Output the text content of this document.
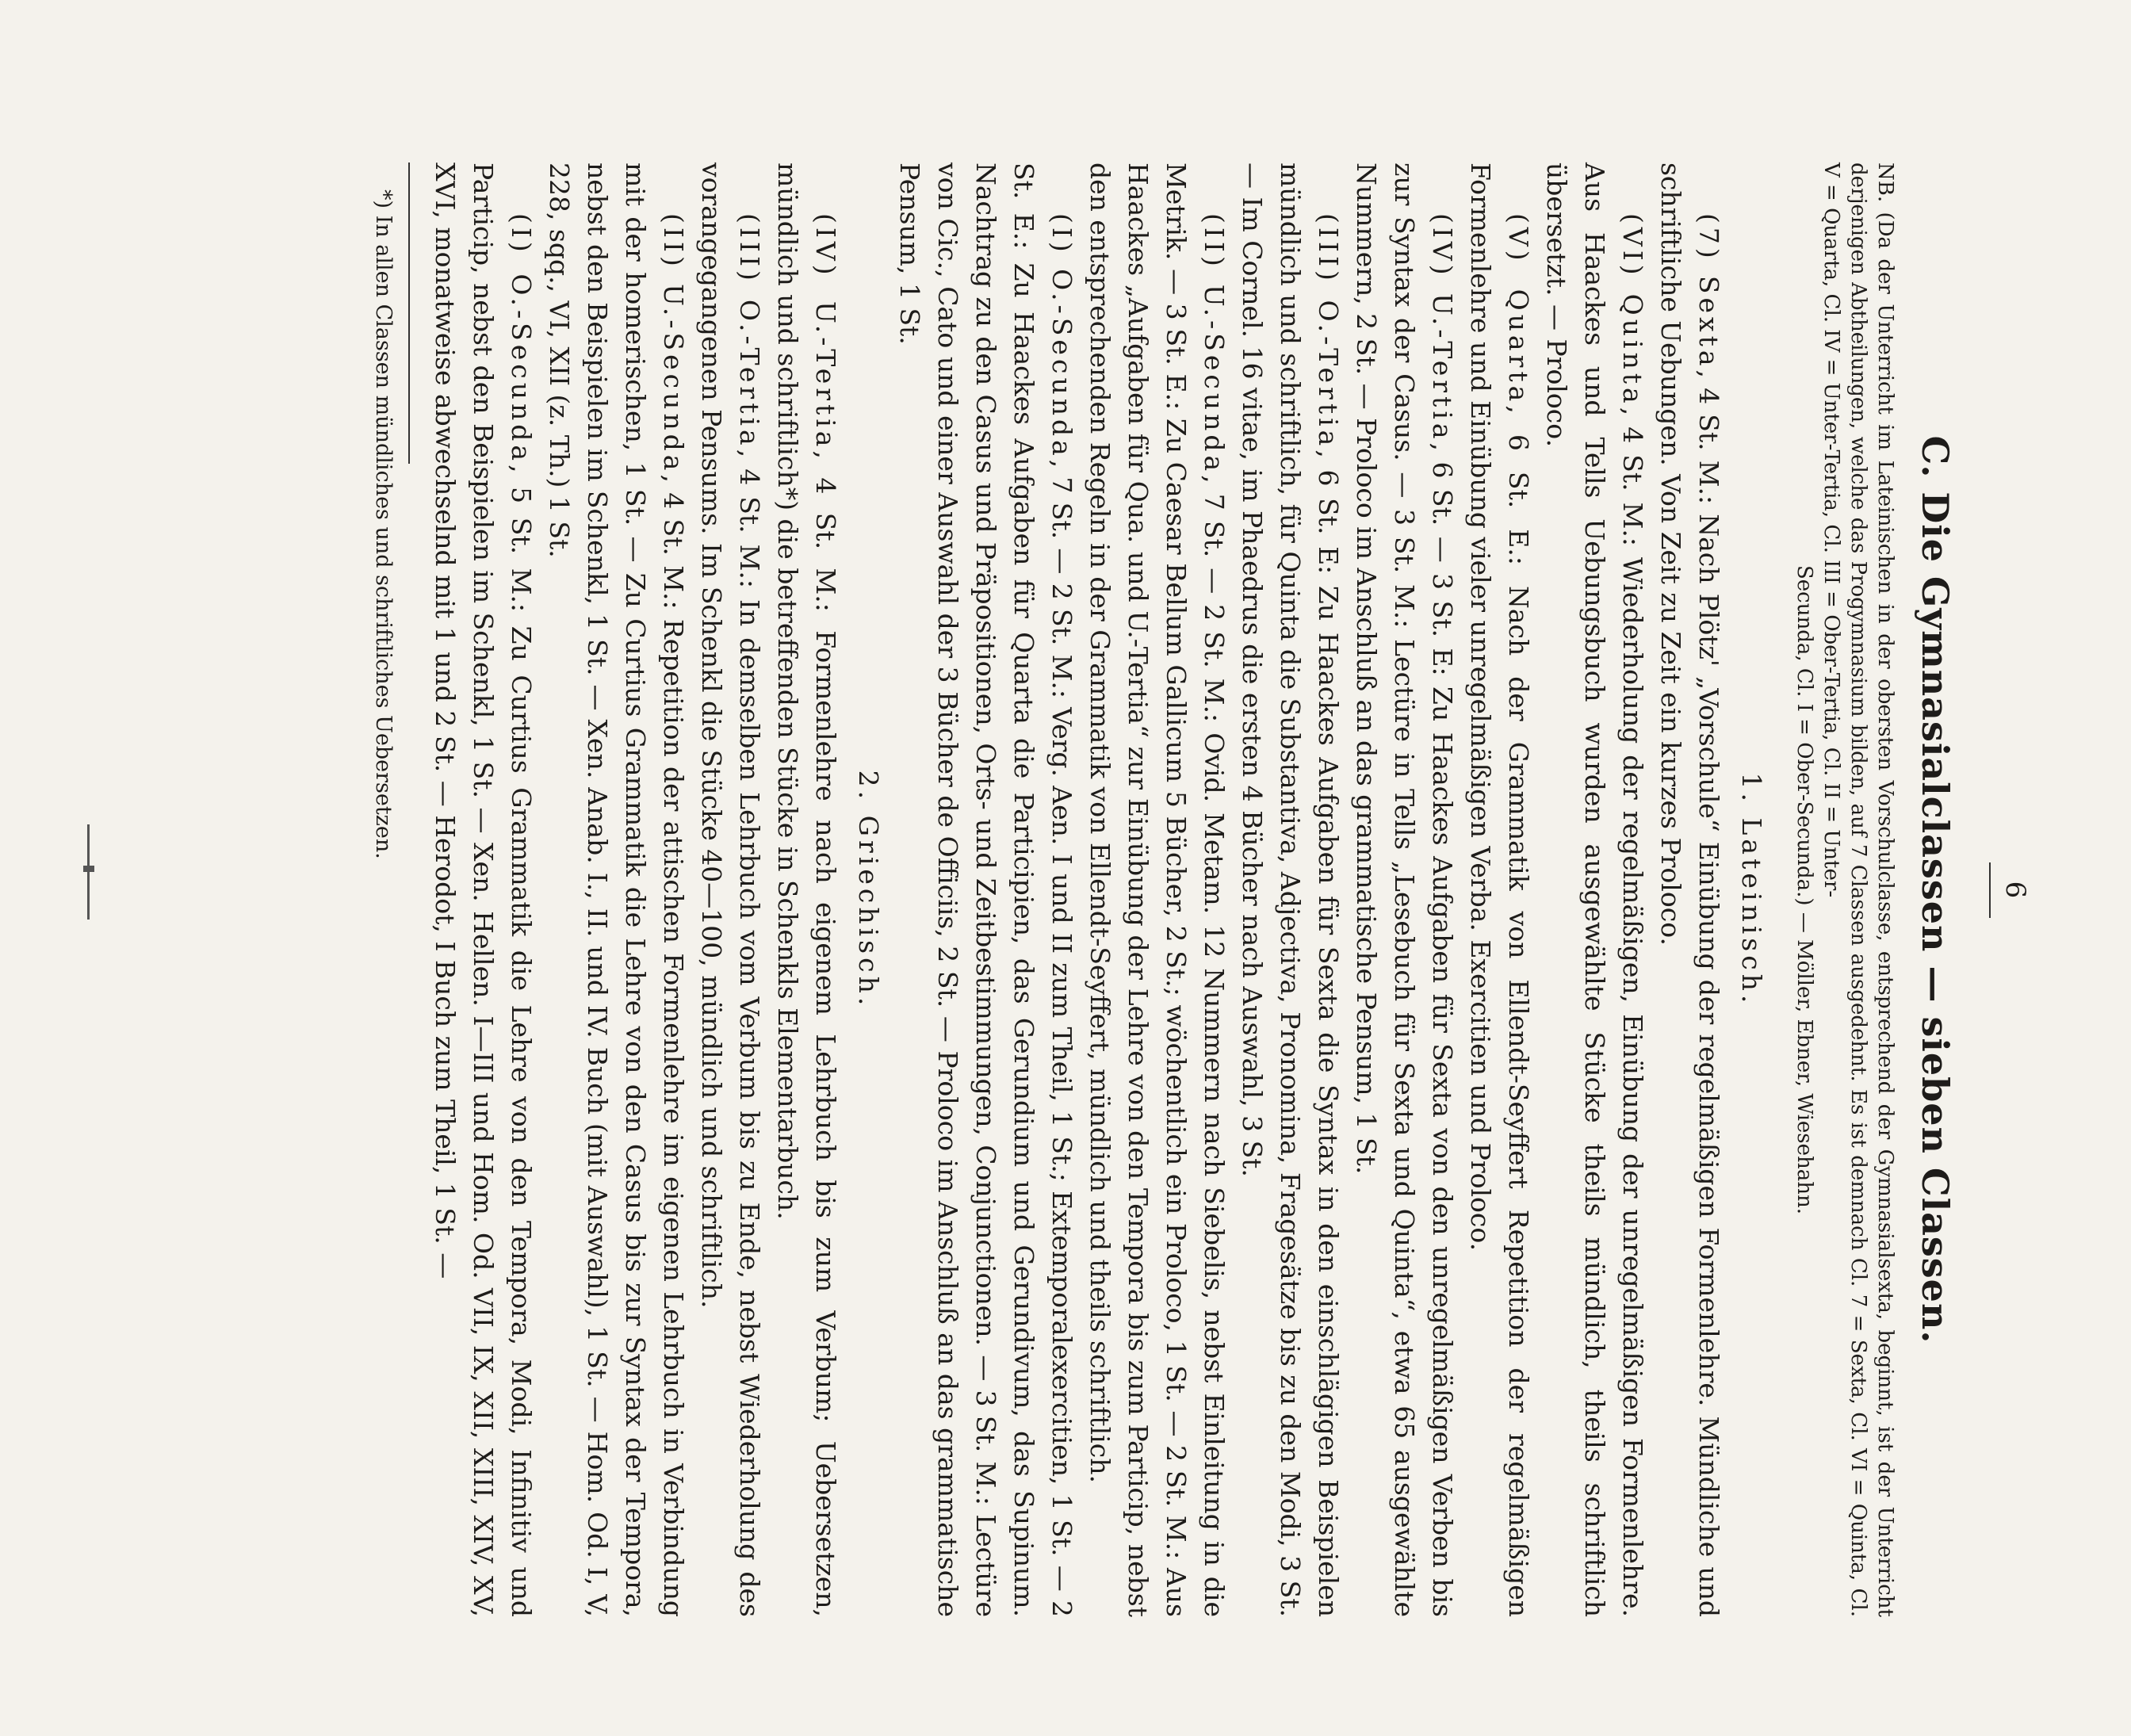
6
C. Die Gymnasialclassen — sieben Classen.
NB. (Da der Unterricht im Lateinischen in der obersten Vorschulclasse, entsprechend der Gymnasialsexta, beginnt, ist der Unterricht derjenigen Abtheilungen, welche das Progymnasium bilden, auf 7 Classen ausgedehnt. Es ist demnach Cl. 7 = Sexta, Cl. VI = Quinta, Cl. V = Quarta, Cl. IV = Unter-Tertia, Cl. III = Ober-Tertia, Cl. II = Unter-
Secunda, Cl. I = Ober-Secunda.) — Möller, Ebner, Wiesehahn.
1. Lateinisch.

(7) Sexta, 4 St. M.: Nach Plötz' „Vorschule“ Einübung der regelmäßigen Formenlehre. Mündliche und schriftliche Uebungen. Von Zeit zu Zeit ein kurzes Proloco.

(VI) Quinta, 4 St. M.: Wiederholung der regelmäßigen, Einübung der unregelmäßigen Formenlehre. Aus Haackes und Tells Uebungsbuch wurden ausgewählte Stücke theils mündlich, theils schriftlich übersetzt. — Proloco.

(V) Quarta, 6 St. E.: Nach der Grammatik von Ellendt-Seyffert Repetition der regelmäßigen Formenlehre und Einübung vieler unregelmäßigen Verba. Exercitien und Proloco.

(IV) U.-Tertia, 6 St. — 3 St. E: Zu Haackes Aufgaben für Sexta von den unregelmäßigen Verben bis zur Syntax der Casus. — 3 St. M.: Lectüre in Tells „Lesebuch für Sexta und Quinta“, etwa 65 ausgewählte Nummern, 2 St. — Proloco im Anschluß an das grammatische Pensum, 1 St.

(III) O.-Tertia, 6 St. E: Zu Haackes Aufgaben für Sexta die Syntax in den einschlägigen Beispielen mündlich und schriftlich, für Quinta die Substantiva, Adjectiva, Pronomina, Fragesätze bis zu den Modi, 3 St. — Im Cornel. 16 vitae, im Phaedrus die ersten 4 Bücher nach Auswahl, 3 St.

(II) U.-Secunda, 7 St. — 2 St. M.: Ovid. Metam. 12 Nummern nach Siebelis, nebst Einleitung in die Metrik. — 3 St. E.: Zu Caesar Bellum Gallicum 5 Bücher, 2 St.; wöchentlich ein Proloco, 1 St. — 2 St. M.: Aus Haackes „Aufgaben für Qua. und U.-Tertia“ zur Einübung der Lehre von den Tempora bis zum Particip, nebst den entsprechenden Regeln in der Grammatik von Ellendt-Seyffert, mündlich und theils schriftlich.

(I) O.-Secunda, 7 St. — 2 St. M.: Verg. Aen. I und II zum Theil, 1 St.; Extemporalexercitien, 1 St. — 2 St. E.: Zu Haackes Aufgaben für Quarta die Participien, das Gerundium und Gerundivum, das Supinum. Nachtrag zu den Casus und Präpositionen, Orts- und Zeitbestimmungen, Conjunctionen. — 3 St. M.: Lectüre von Cic., Cato und einer Auswahl der 3 Bücher de Officiis, 2 St. — Proloco im Anschluß an das grammatische Pensum, 1 St.

2. Griechisch.

(IV) U.-Tertia, 4 St. M.: Formenlehre nach eigenem Lehrbuch bis zum Verbum; Uebersetzen, mündlich und schriftlich*) die betreffenden Stücke in Schenkls Elementarbuch.

(III) O.-Tertia, 4 St. M.: In demselben Lehrbuch vom Verbum bis zu Ende, nebst Wiederholung des vorangegangenen Pensums. Im Schenkl die Stücke 40—100, mündlich und schriftlich.

(II) U.-Secunda, 4 St. M.: Repetition der attischen Formenlehre im eigenen Lehrbuch in Verbindung mit der homerischen, 1 St. — Zu Curtius Grammatik die Lehre von den Casus bis zur Syntax der Tempora, nebst den Beispielen im Schenkl, 1 St. — Xen. Anab. I., II. und IV. Buch (mit Auswahl), 1 St. — Hom. Od. I, V, 228, sqq., VI, XII (z. Th.) 1 St.

(I) O.-Secunda, 5 St. M.: Zu Curtius Grammatik die Lehre von den Tempora, Modi, Infinitiv und Particip, nebst den Beispielen im Schenkl, 1 St. — Xen. Hellen. I—III und Hom. Od. VII, IX, XII, XIII, XIV, XV, XVI, monatweise abwechselnd mit 1 und 2 St. — Herodot, I Buch zum Theil, 1 St. —

*) In allen Classen mündliches und schriftliches Uebersetzen.
